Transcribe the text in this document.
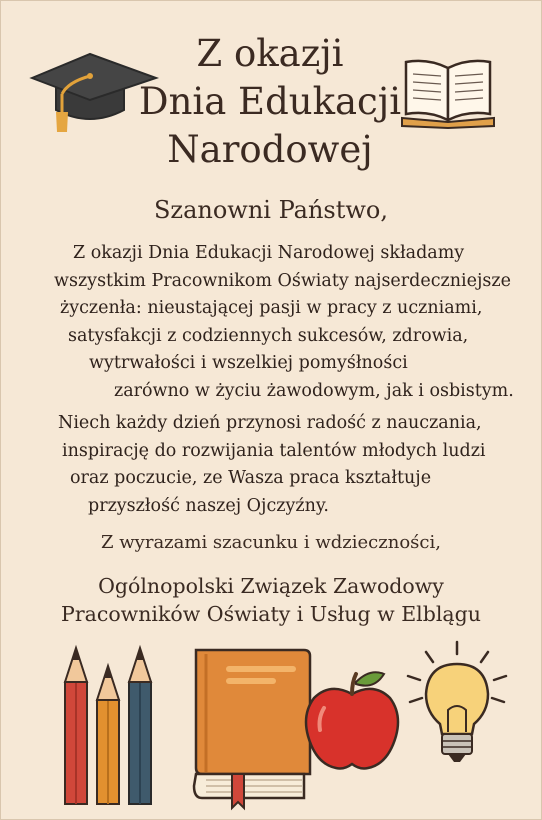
Z okazji
Dnia Edukacji
Narodowej
Szanowni Państwo,
Z okazji Dnia Edukacji Narodowej składamy
wszystkim Pracownikom Oświaty najserdeczniejsze
życzenła: nieustającej pasji w pracy z uczniami,
satysfakcji z codziennych sukcesów, zdrowia,
wytrwałości i wszelkiej pomyśłności
zarówno w życiu żawodowym, jak i osbistym.
Niech każdy dzień przynosi radość z nauczania,
inspirację do rozwijania talentów młodych ludzi
oraz poczucie, ze Wasza praca kształtuje
przyszłość naszej Ojczyźny.
Z wyrazami szacunku i wdzieczności,
Ogólnopolski Związek Zawodowy
Pracowników Oświaty i Usług w Elblągu
